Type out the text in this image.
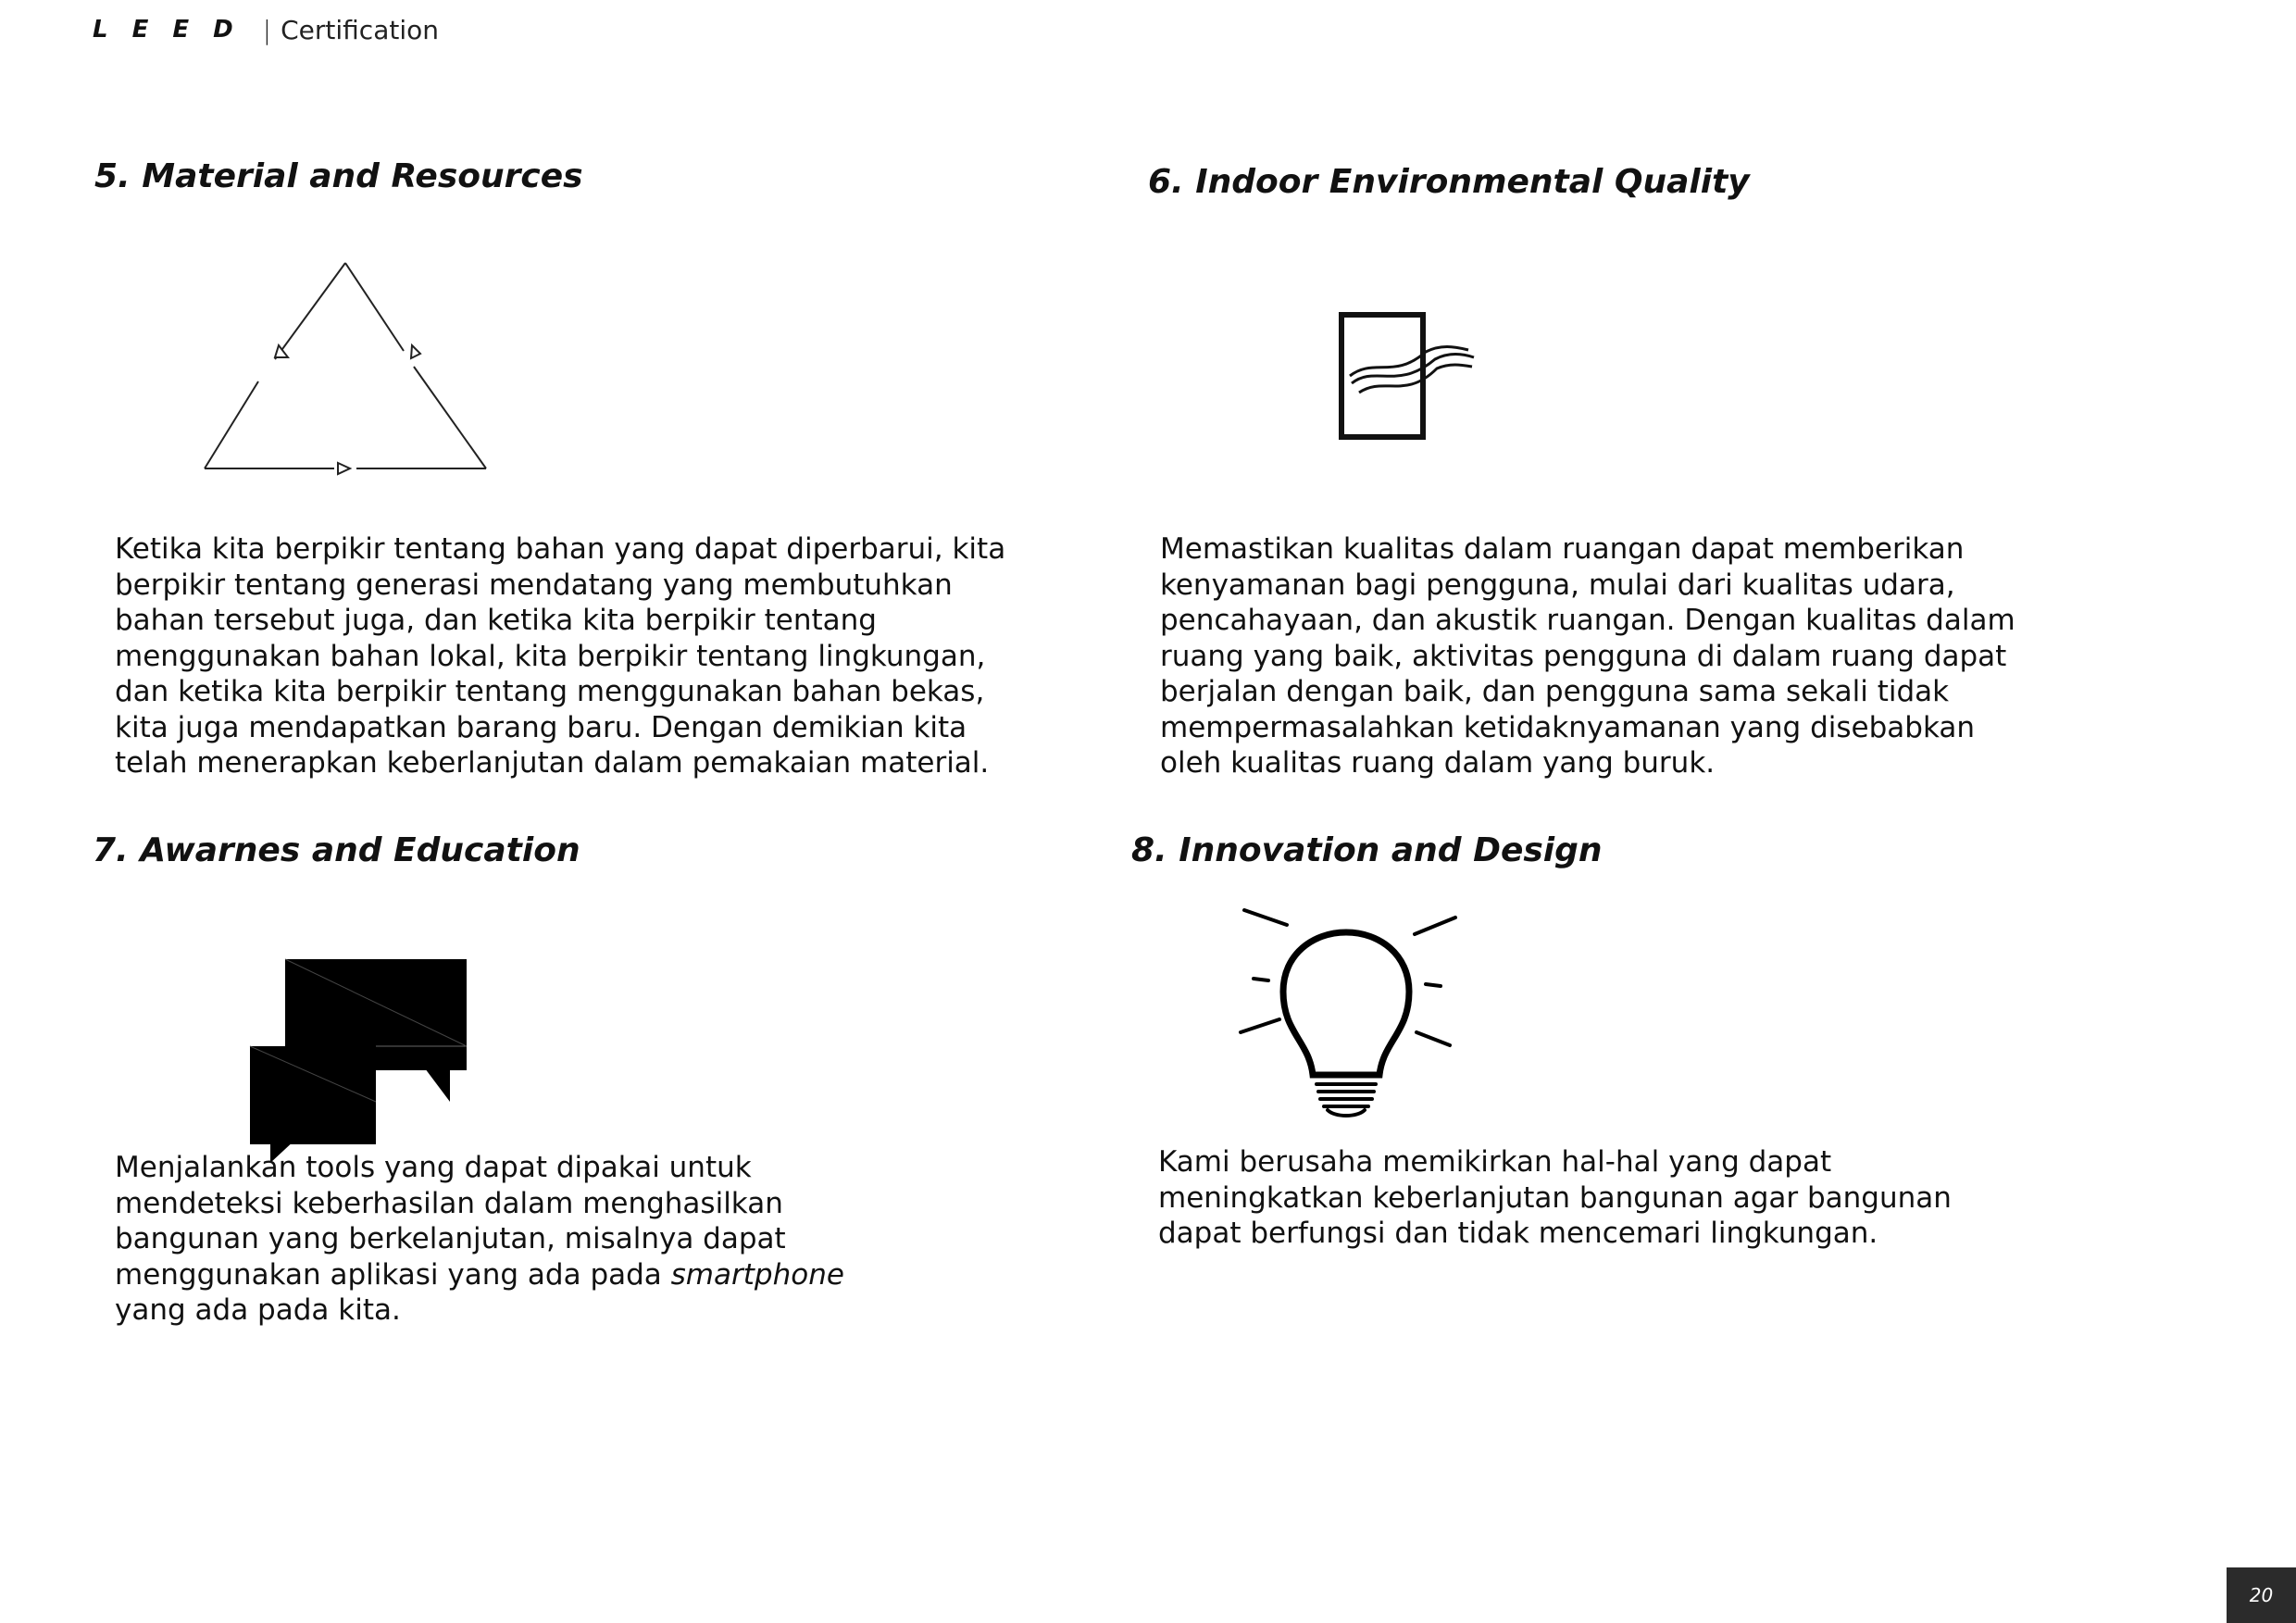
LEED | Certification
5. Material and Resources

Ketika kita berpikir tentang bahan yang dapat diperbarui, kita berpikir tentang generasi mendatang yang membutuhkan bahan tersebut juga, dan ketika kita berpikir tentang menggunakan bahan lokal, kita berpikir tentang lingkungan, dan ketika kita berpikir tentang menggunakan bahan bekas, kita juga mendapatkan barang baru. Dengan demikian kita telah menerapkan keberlanjutan dalam pemakaian material.

6. Indoor Environmental Quality

Memastikan kualitas dalam ruangan dapat memberikan kenyamanan bagi pengguna, mulai dari kualitas udara, pencahayaan, dan akustik ruangan. Dengan kualitas dalam ruang yang baik, aktivitas pengguna di dalam ruang dapat berjalan dengan baik, dan pengguna sama sekali tidak mempermasalahkan ketidaknyamanan yang disebabkan oleh kualitas ruang dalam yang buruk.

7. Awarnes and Education

Menjalankan tools yang dapat dipakai untuk mendeteksi keberhasilan dalam menghasilkan bangunan yang berkelanjutan, misalnya dapat menggunakan aplikasi yang ada pada smartphone yang ada pada kita.

8. Innovation and Design

Kami berusaha memikirkan hal-hal yang dapat meningkatkan keberlanjutan bangunan agar bangunan dapat berfungsi dan tidak mencemari lingkungan.

20
